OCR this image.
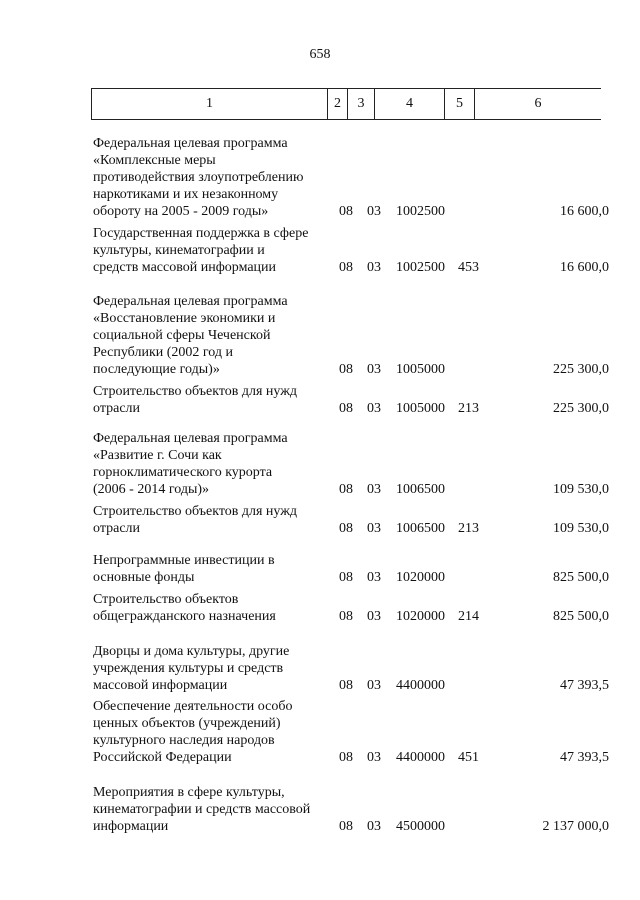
658
1	2	3	4	5	6
Федеральная целевая программа
«Комплексные меры
противодействия злоупотреблению
наркотиками и их незаконному
обороту на 2005 - 2009 годы»	08 03 1002500	16 600,0
Государственная поддержка в сфере
культуры, кинематографии и
средств массовой информации	08 03 1002500 453	16 600,0
Федеральная целевая программа
«Восстановление экономики и
социальной сферы Чеченской
Республики (2002 год и
последующие годы)»	08 03 1005000	225 300,0
Строительство объектов для нужд
отрасли	08 03 1005000 213	225 300,0
Федеральная целевая программа
«Развитие г. Сочи как
горноклиматического курорта
(2006 - 2014 годы)»	08 03 1006500	109 530,0
Строительство объектов для нужд
отрасли	08 03 1006500 213	109 530,0
Непрограммные инвестиции в
основные фонды	08 03 1020000	825 500,0
Строительство объектов
общегражданского назначения	08 03 1020000 214	825 500,0
Дворцы и дома культуры, другие
учреждения культуры и средств
массовой информации	08 03 4400000	47 393,5
Обеспечение деятельности особо
ценных объектов (учреждений)
культурного наследия народов
Российской Федерации	08 03 4400000 451	47 393,5
Мероприятия в сфере культуры,
кинематографии и средств массовой
информации	08 03 4500000	2 137 000,0
